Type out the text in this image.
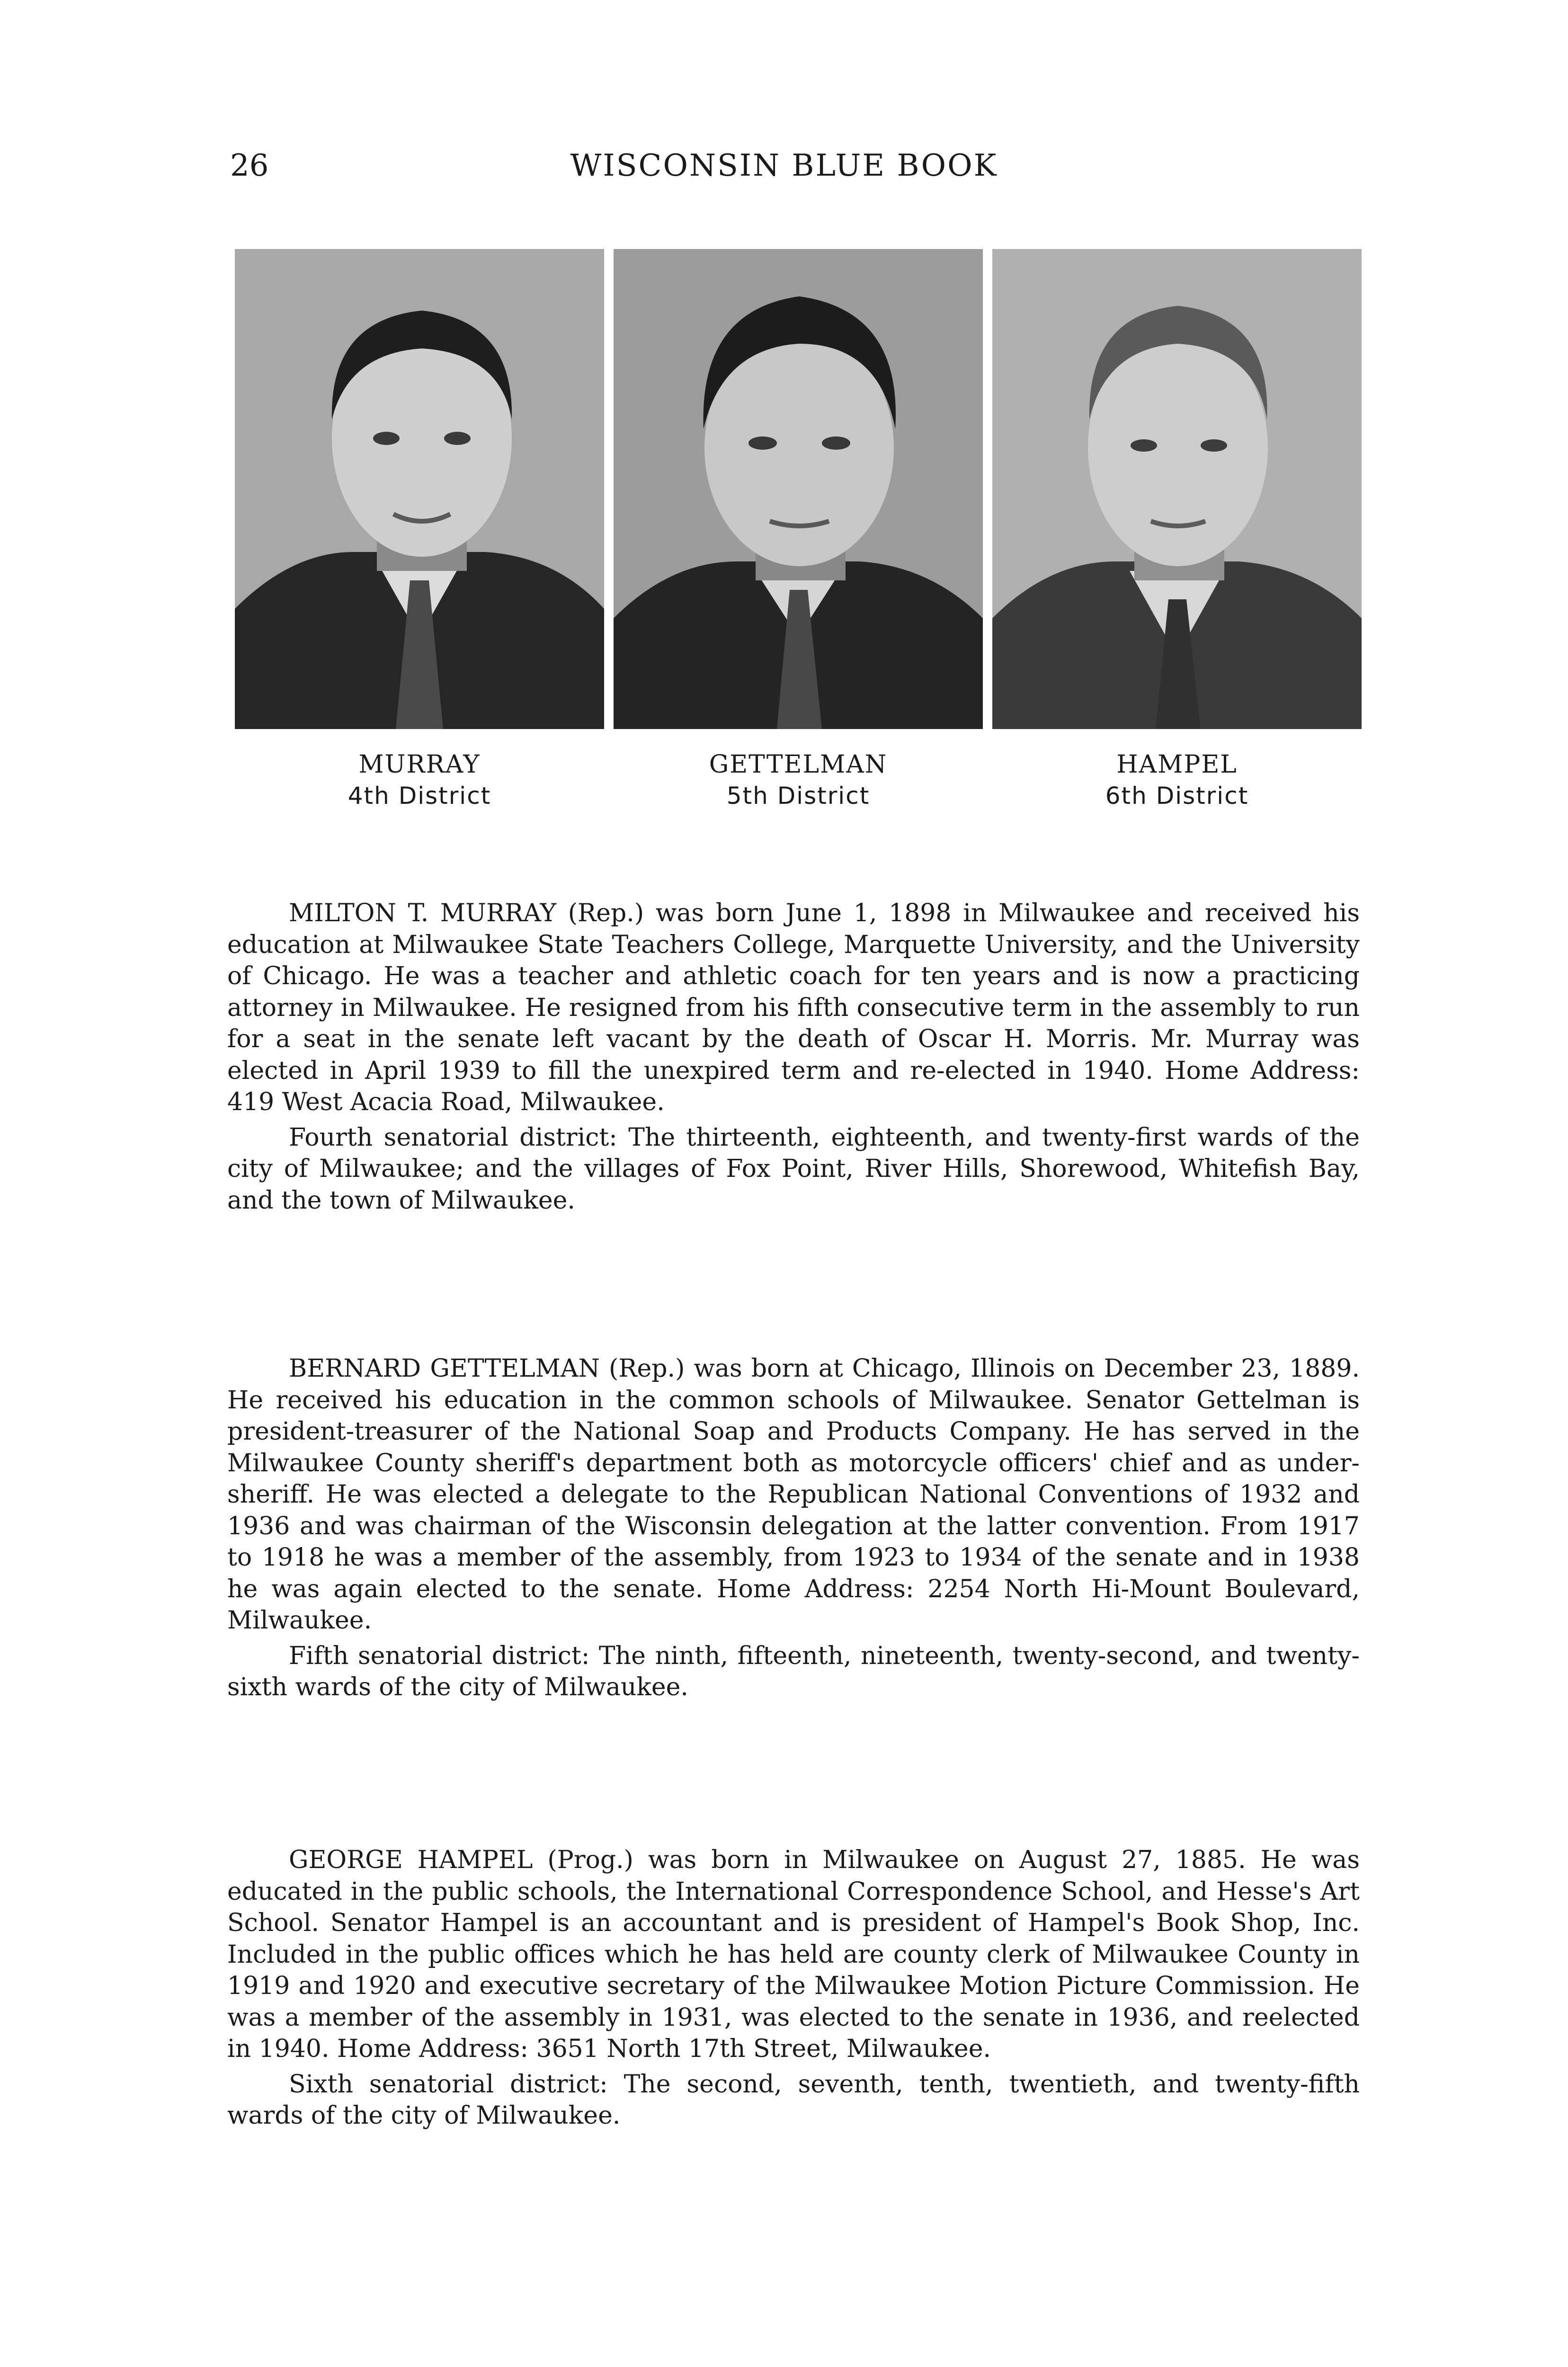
26	WISCONSIN BLUE BOOK
MURRAY
4th District
GETTELMAN
5th District
HAMPEL
6th District

MILTON T. MURRAY (Rep.) was born June 1, 1898 in Milwaukee and received his education at Milwaukee State Teachers College, Marquette University, and the University of Chicago. He was a teacher and athletic coach for ten years and is now a practicing attorney in Milwaukee. He resigned from his fifth consecutive term in the assembly to run for a seat in the senate left vacant by the death of Oscar H. Morris. Mr. Murray was elected in April 1939 to fill the unexpired term and re-elected in 1940. Home Address: 419 West Acacia Road, Milwaukee.

Fourth senatorial district: The thirteenth, eighteenth, and twenty-first wards of the city of Milwaukee; and the villages of Fox Point, River Hills, Shorewood, Whitefish Bay, and the town of Milwaukee.

BERNARD GETTELMAN (Rep.) was born at Chicago, Illinois on December 23, 1889. He received his education in the common schools of Milwaukee. Senator Gettelman is president-treasurer of the National Soap and Products Company. He has served in the Milwaukee County sheriff's department both as motorcycle officers' chief and as under-sheriff. He was elected a delegate to the Republican National Conventions of 1932 and 1936 and was chairman of the Wisconsin delegation at the latter convention. From 1917 to 1918 he was a member of the assembly, from 1923 to 1934 of the senate and in 1938 he was again elected to the senate. Home Address: 2254 North Hi-Mount Boulevard, Milwaukee.

Fifth senatorial district: The ninth, fifteenth, nineteenth, twenty-second, and twenty-sixth wards of the city of Milwaukee.

GEORGE HAMPEL (Prog.) was born in Milwaukee on August 27, 1885. He was educated in the public schools, the International Correspondence School, and Hesse's Art School. Senator Hampel is an accountant and is president of Hampel's Book Shop, Inc. Included in the public offices which he has held are county clerk of Milwaukee County in 1919 and 1920 and executive secretary of the Milwaukee Motion Picture Commission. He was a member of the assembly in 1931, was elected to the senate in 1936, and reelected in 1940. Home Address: 3651 North 17th Street, Milwaukee.

Sixth senatorial district: The second, seventh, tenth, twentieth, and twenty-fifth wards of the city of Milwaukee.
